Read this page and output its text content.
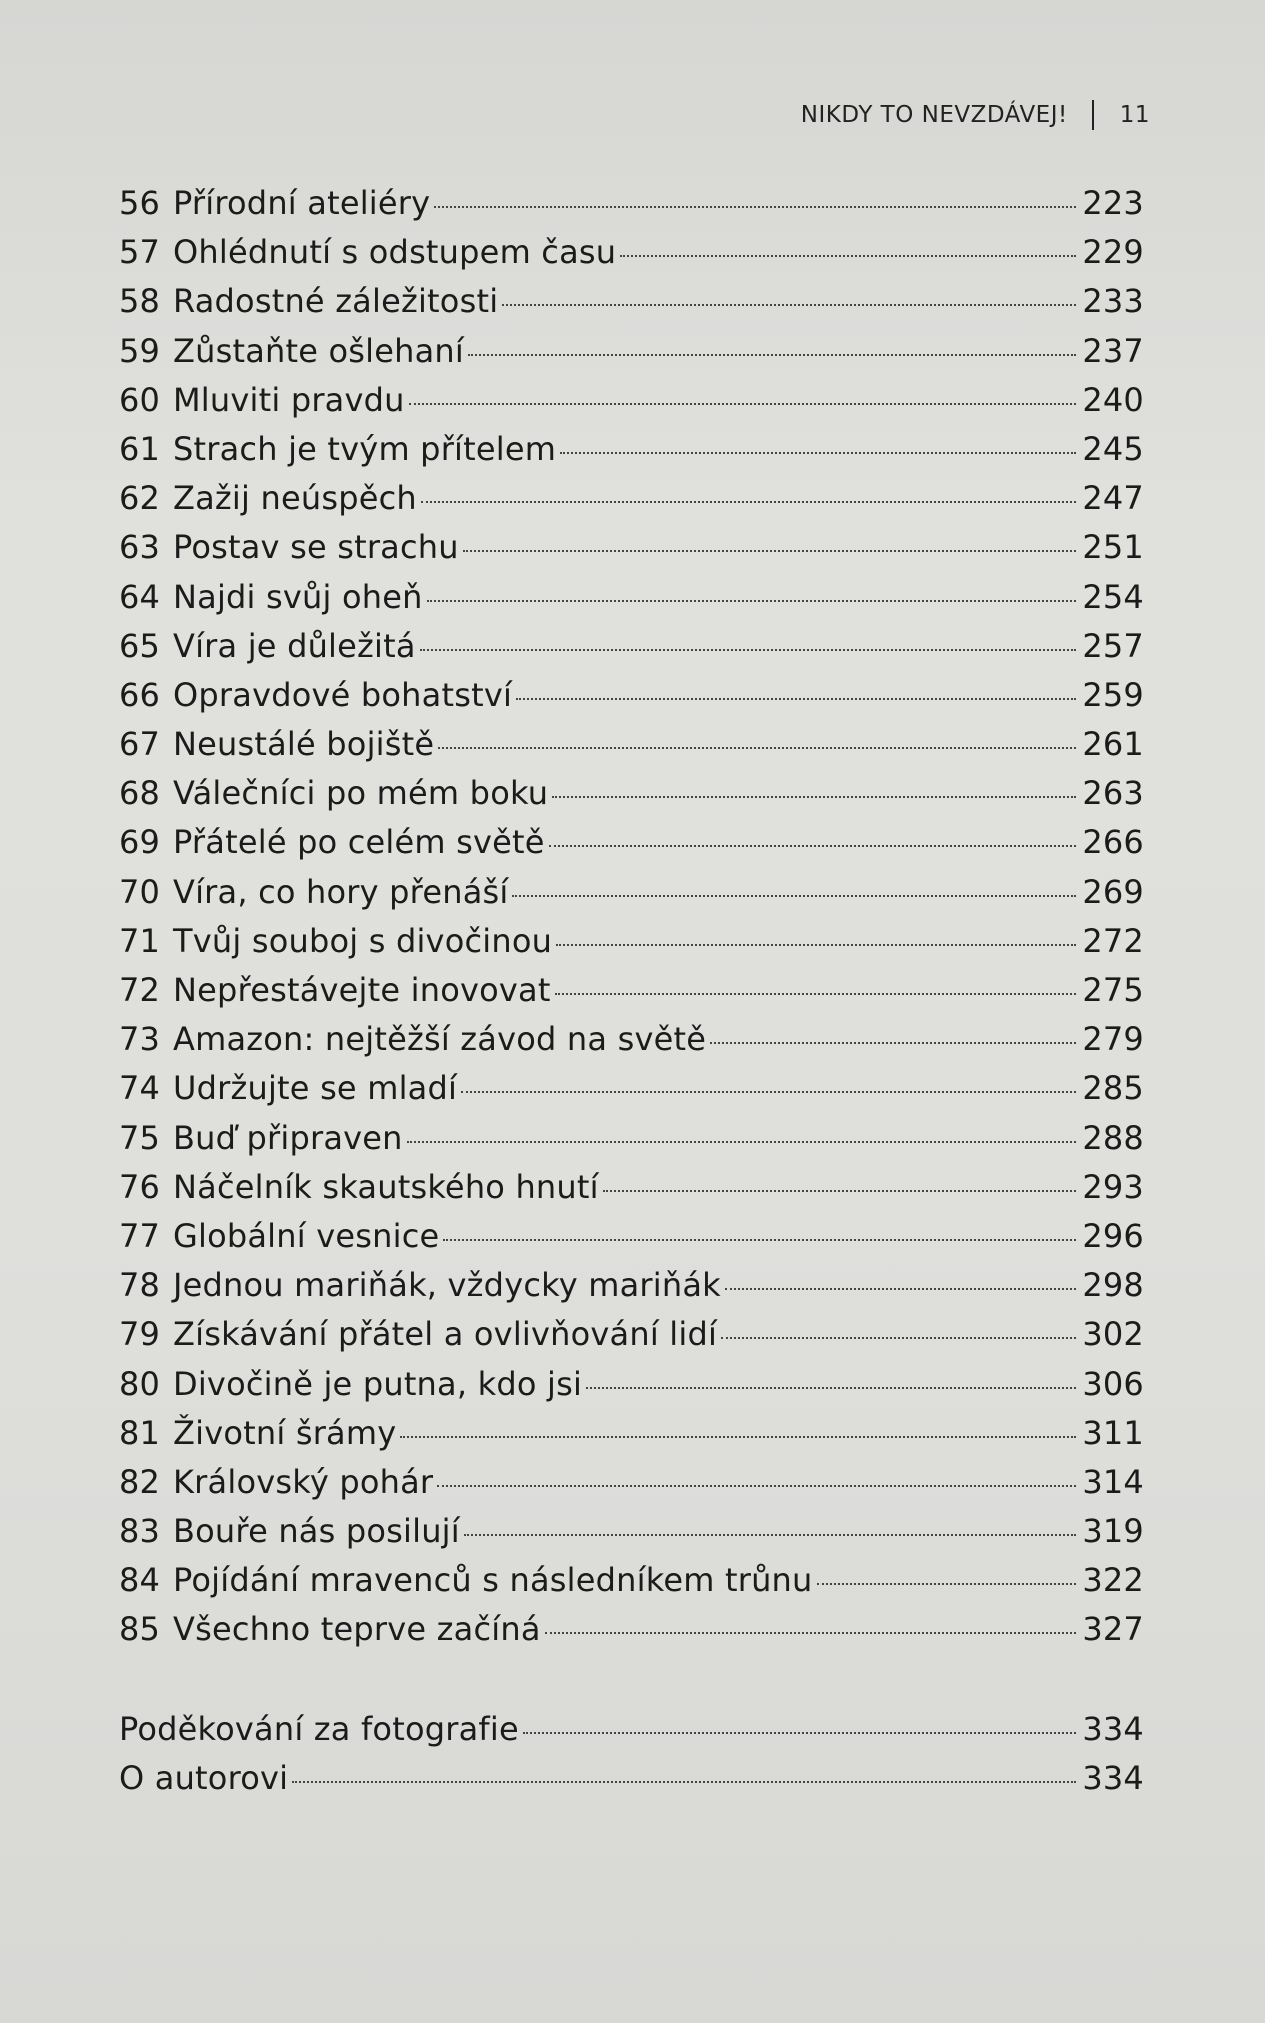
NIKDY TO NEVZDÁVEJ! 11
56 Přírodní ateliéry	223
57 Ohlédnutí s odstupem času	229
58 Radostné záležitosti	233
59 Zůstaňte ošlehaní	237
60 Mluviti pravdu	240
61 Strach je tvým přítelem	245
62 Zažij neúspěch	247
63 Postav se strachu	251
64 Najdi svůj oheň	254
65 Víra je důležitá	257
66 Opravdové bohatství	259
67 Neustálé bojiště	261
68 Válečníci po mém boku	263
69 Přátelé po celém světě	266
70 Víra, co hory přenáší	269
71 Tvůj souboj s divočinou	272
72 Nepřestávejte inovovat	275
73 Amazon: nejtěžší závod na světě	279
74 Udržujte se mladí	285
75 Buď připraven	288
76 Náčelník skautského hnutí	293
77 Globální vesnice	296
78 Jednou mariňák, vždycky mariňák	298
79 Získávání přátel a ovlivňování lidí	302
80 Divočině je putna, kdo jsi	306
81 Životní šrámy	311
82 Královský pohár	314
83 Bouře nás posilují	319
84 Pojídání mravenců s následníkem trůnu	322
85 Všechno teprve začíná	327
Poděkování za fotografie	334
O autorovi	334
